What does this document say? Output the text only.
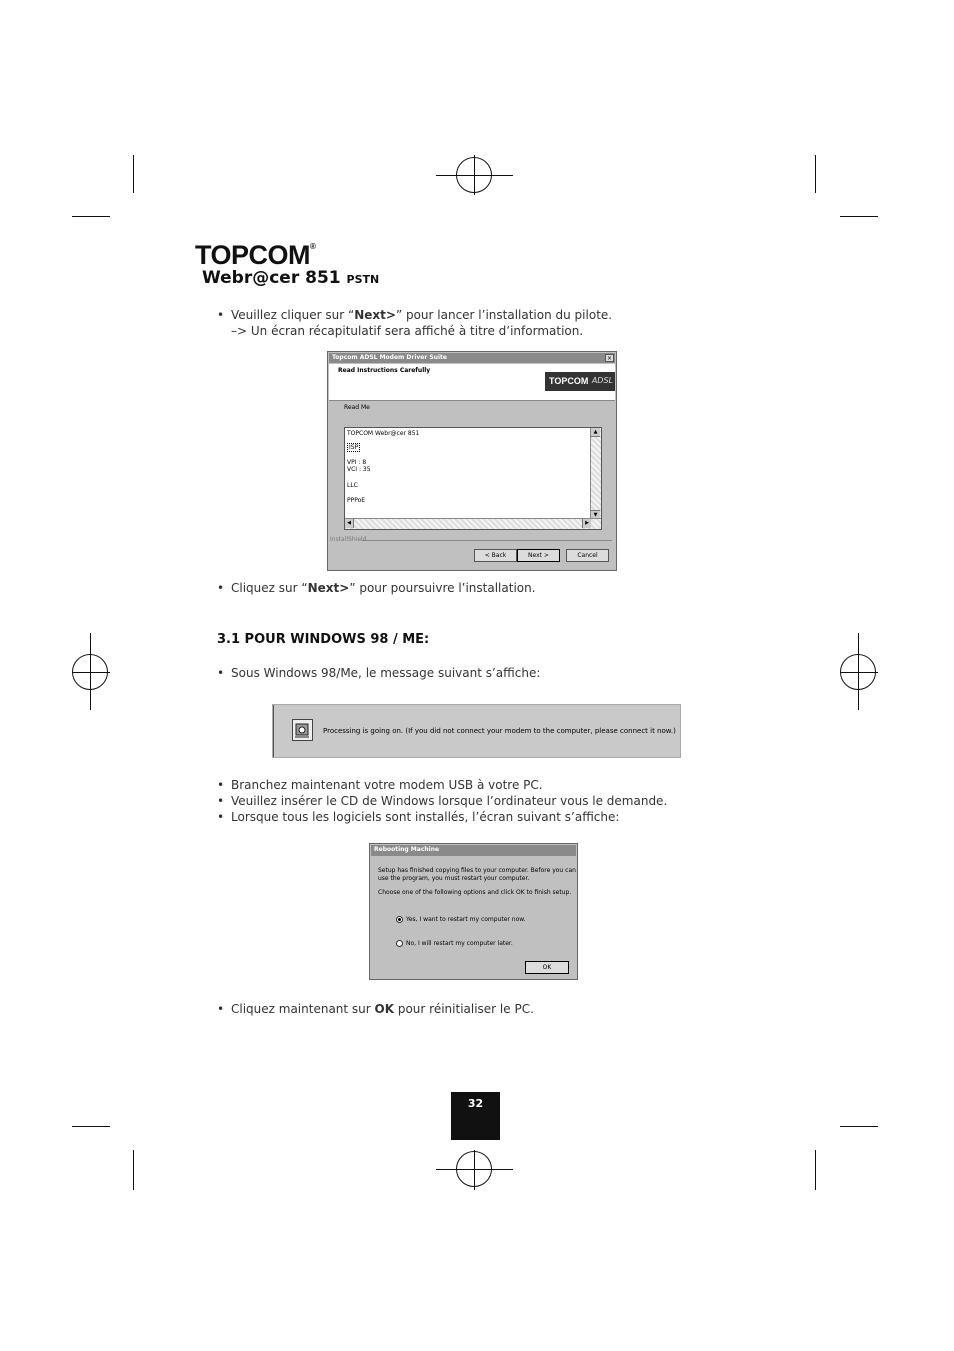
TOPCOM®
Webr@cer 851 PSTN
• Veuillez cliquer sur “Next>” pour lancer l’installation du pilote.
–> Un écran récapitulatif sera affiché à titre d’information.
Topcom ADSL Modem Driver Suite	×
Read Instructions Carefully
TOPCOM ADSL
Read Me
TOPCOM Webr@cer 851
ISP
VPI : 8
VCI : 35
LLC
PPPoE
▲
▼
◀	▶
InstallShield
< Back	Next >	Cancel
• Cliquez sur “Next>” pour poursuivre l’installation.
3.1 POUR WINDOWS 98 / ME:
• Sous Windows 98/Me, le message suivant s’affiche:
Processing is going on. (If you did not connect your modem to the computer, please connect it now.)
• Branchez maintenant votre modem USB à votre PC.
• Veuillez insérer le CD de Windows lorsque l’ordinateur vous le demande.
• Lorsque tous les logiciels sont installés, l’écran suivant s’affiche:
Rebooting Machine
Setup has finished copying files to your computer. Before you can
use the program, you must restart your computer.
Choose one of the following options and click OK to finish setup.
Yes, I want to restart my computer now.
No, I will restart my computer later.
OK
• Cliquez maintenant sur OK pour réinitialiser le PC.
32
